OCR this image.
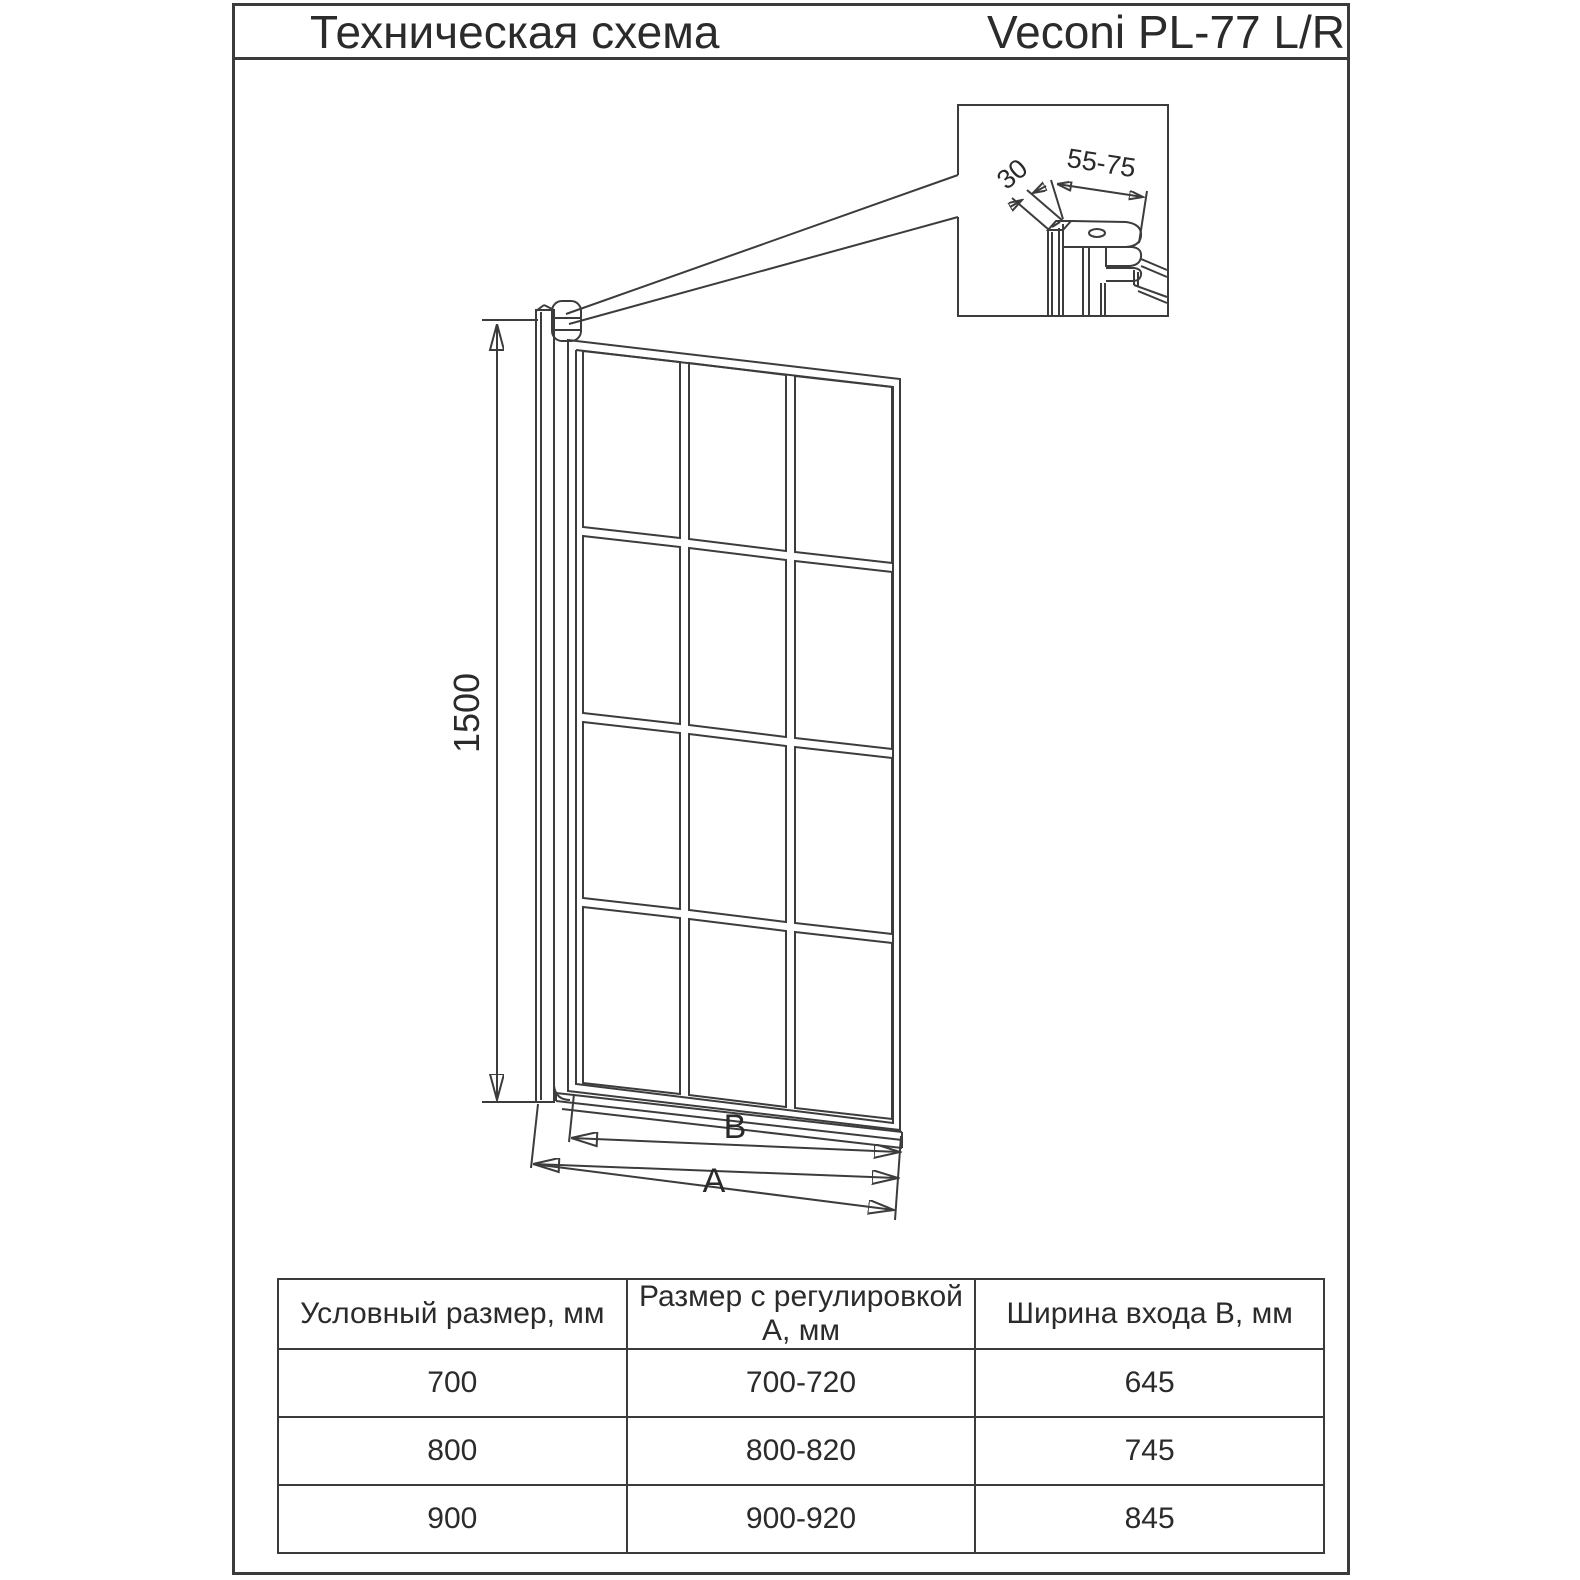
Техническая схема	Veconi PL-77 L/R
1500
B
A
30 55-75
Условный размер, мм	Размер с регулировкой А, мм	Ширина входа В, мм
700	700-720	645
800	800-820	745
900	900-920	845
